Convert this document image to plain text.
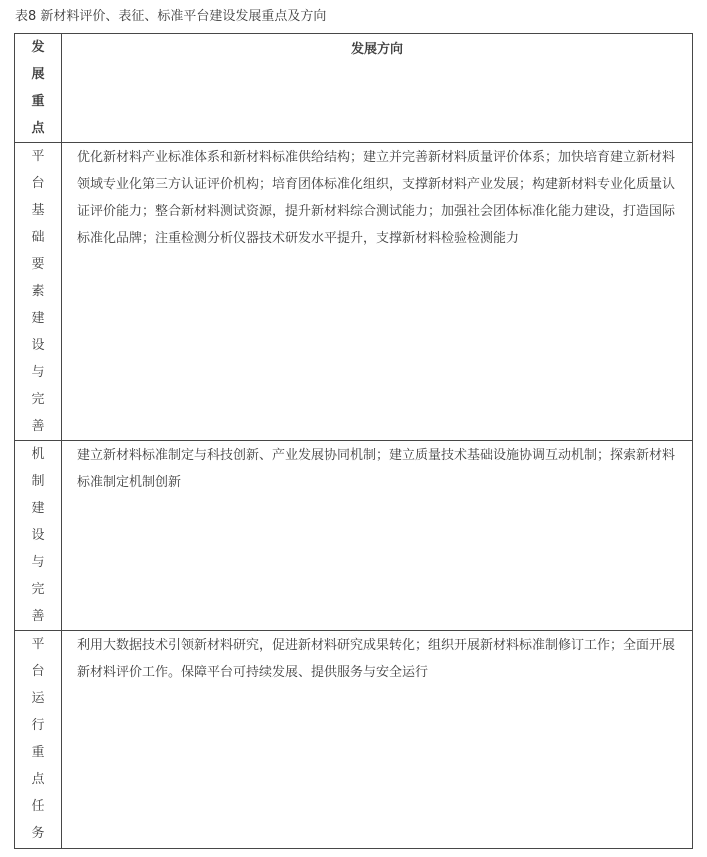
表8 新材料评价、表征、标准平台建设发展重点及方向
发展重点	发展方向
平台基础要素建设与完善	优化新材料产业标准体系和新材料标准供给结构；建立并完善新材料质量评价体系；加快培育建立新材料领域专业化第三方认证评价机构；培育团体标准化组织，支撑新材料产业发展；构建新材料专业化质量认证评价能力；整合新材料测试资源，提升新材料综合测试能力；加强社会团体标准化能力建设，打造国际标准化品牌；注重检测分析仪器技术研发水平提升，支撑新材料检验检测能力
机制建设与完善	建立新材料标准制定与科技创新、产业发展协同机制；建立质量技术基础设施协调互动机制；探索新材料标准制定机制创新
平台运行重点任务	利用大数据技术引领新材料研究，促进新材料研究成果转化；组织开展新材料标准制修订工作；全面开展新材料评价工作。保障平台可持续发展、提供服务与安全运行
